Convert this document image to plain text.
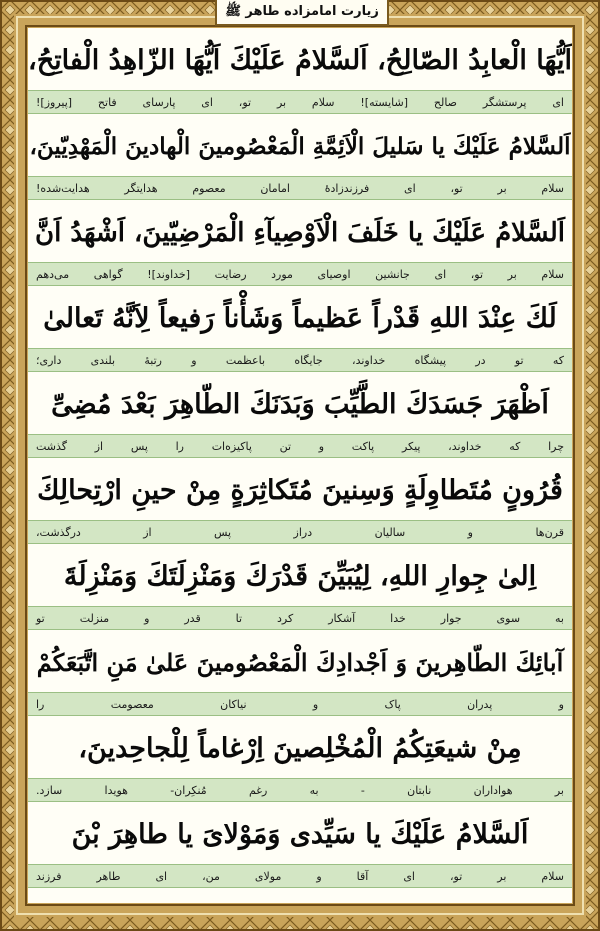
زیارت امامزاده طاهر ﷺ
اَیُّهَا الْعابِدُ الصّالِحُ، اَلسَّلامُ عَلَیْكَ اَیُّهَا الزّاهِدُ الْفاتِحُ،
ای پرستشگر صالح [شایسته]! سلام بر تو، ای پارسای فاتح [پیروز]!
اَلسَّلامُ عَلَیْكَ یا سَلیلَ الْاَئِمَّةِ الْمَعْصُومینَ الْهادینَ الْمَهْدِیّینَ،
سلام بر تو، ای فرزندزادهٔ امامان معصوم هدایتگر هدایت‌شده!
اَلسَّلامُ عَلَیْكَ یا خَلَفَ الْاَوْصِیآءِ الْمَرْضِیّینَ، اَشْهَدُ اَنَّ
سلام بر تو، ای جانشین اوصیای مورد رضایت [خداوند]! گواهی می‌دهم
لَكَ عِنْدَ اللهِ قَدْراً عَظیماً وَشَأْناً رَفیعاً لِاَنَّهُ تَعالىٰ
که تو در پیشگاه خداوند، جایگاه باعظمت و رتبهٔ بلندی داری؛
اَظْهَرَ جَسَدَكَ الطَّیِّبَ وَبَدَنَكَ الطّاهِرَ بَعْدَ مُضِیِّ
چرا که خداوند، پیکر پاکت و تن پاکیزه‌ات را پس از گذشت
قُرُونٍ مُتَطاوِلَةٍ وَسِنینَ مُتَكاثِرَةٍ مِنْ حینِ ارْتِحالِكَ
قرن‌ها و سالیان دراز پس از درگذشت،
اِلىٰ جِوارِ اللهِ، لِیُبَیِّنَ قَدْرَكَ وَمَنْزِلَتَكَ وَمَنْزِلَةَ
به سوی جوار خدا آشکار کرد تا قدر و منزلت تو
آبائِكَ الطّاهِرینَ وَ اَجْدادِكَ الْمَعْصُومینَ عَلىٰ مَنِ اتَّبَعَكُمْ
و پدران پاک و نیاکان معصومت را
مِنْ شیعَتِكُمُ الْمُخْلِصینَ اِرْغاماً لِلْجاحِدینَ،
بر هواداران نابتان - به رغم مُنکِران- هویدا سازد.
اَلسَّلامُ عَلَیْكَ یا سَیِّدی وَمَوْلایَ یا طاهِرَ بْنَ
سلام بر تو، ای آقا و مولای من، ای طاهر فرزند
